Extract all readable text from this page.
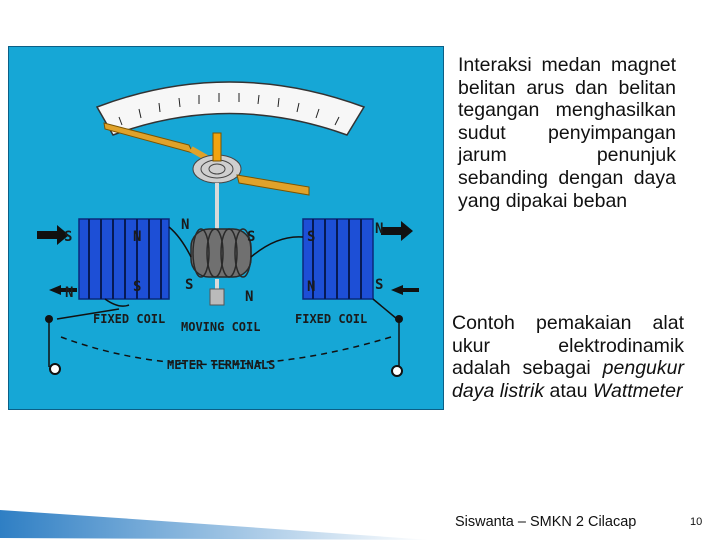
S	N
N
S	S	N
N	S	S
N
N	S
FIXED COIL
MOVING COIL
FIXED COIL
METER TERMINALS

Interaksi medan magnet belitan arus dan belitan tegangan menghasilkan sudut penyimpangan jarum penunjuk sebanding dengan daya yang dipakai beban

Contoh pemakaian alat ukur elektrodinamik adalah sebagai pengukur daya listrik atau Wattmeter

Siswanta – SMKN 2 Cilacap	10
